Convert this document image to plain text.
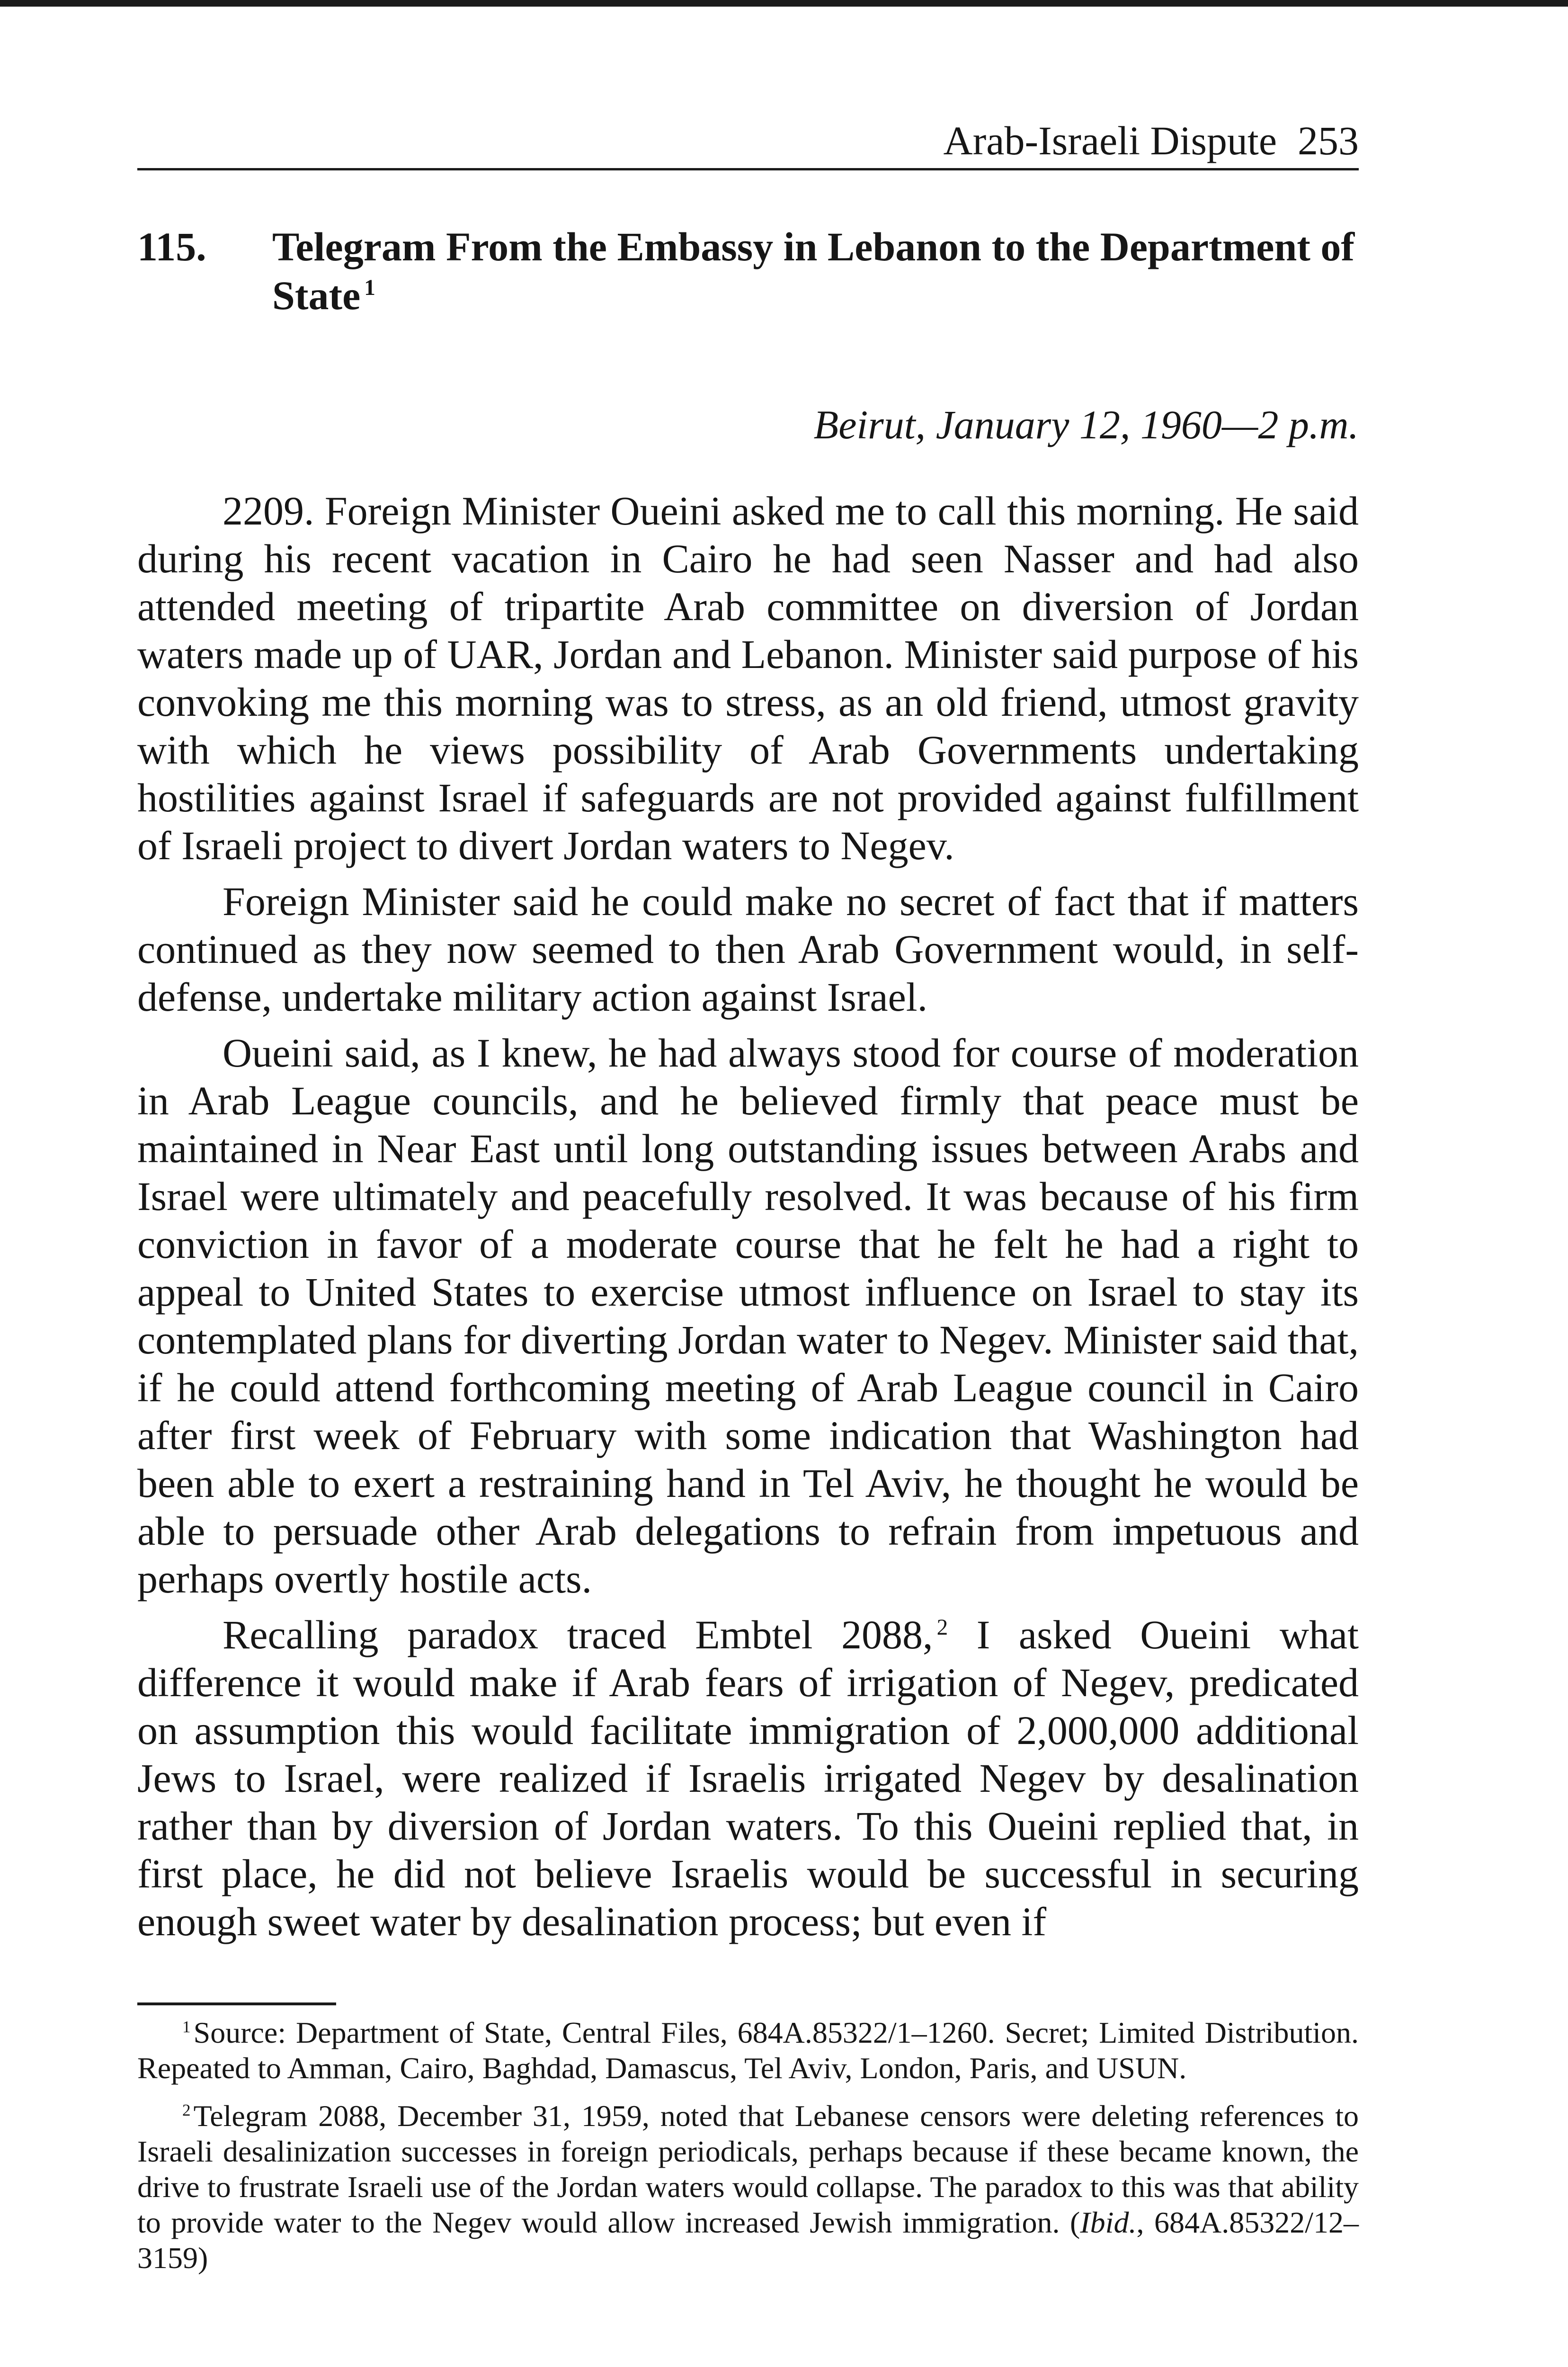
Arab-Israeli Dispute 253
115.	Telegram From the Embassy in Lebanon to the Department of State $^1$
Beirut, January 12, 1960—2 p.m.

2209. Foreign Minister Oueini asked me to call this morning. He said during his recent vacation in Cairo he had seen Nasser and had also attended meeting of tripartite Arab committee on diversion of Jordan waters made up of UAR, Jordan and Lebanon. Minister said purpose of his convoking me this morning was to stress, as an old friend, utmost gravity with which he views possibility of Arab Governments undertaking hostilities against Israel if safeguards are not provided against fulfillment of Israeli project to divert Jordan waters to Negev.

Foreign Minister said he could make no secret of fact that if matters continued as they now seemed to then Arab Government would, in self-defense, undertake military action against Israel.

Oueini said, as I knew, he had always stood for course of moderation in Arab League councils, and he believed firmly that peace must be maintained in Near East until long outstanding issues between Arabs and Israel were ultimately and peacefully resolved. It was because of his firm conviction in favor of a moderate course that he felt he had a right to appeal to United States to exercise utmost influence on Israel to stay its contemplated plans for diverting Jordan water to Negev. Minister said that, if he could attend forthcoming meeting of Arab League council in Cairo after first week of February with some indication that Washington had been able to exert a restraining hand in Tel Aviv, he thought he would be able to persuade other Arab delegations to refrain from impetuous and perhaps overtly hostile acts.

Recalling paradox traced Embtel 2088, $^2$ I asked Oueini what difference it would make if Arab fears of irrigation of Negev, predicated on assumption this would facilitate immigration of 2,000,000 additional Jews to Israel, were realized if Israelis irrigated Negev by desalination rather than by diversion of Jordan waters. To this Oueini replied that, in first place, he did not believe Israelis would be successful in securing enough sweet water by desalination process; but even if

$^1$Source: Department of State, Central Files, 684A.85322/1–1260. Secret; Limited Distribution. Repeated to Amman, Cairo, Baghdad, Damascus, Tel Aviv, London, Paris, and USUN.

$^2$Telegram 2088, December 31, 1959, noted that Lebanese censors were deleting references to Israeli desalinization successes in foreign periodicals, perhaps because if these became known, the drive to frustrate Israeli use of the Jordan waters would collapse. The paradox to this was that ability to provide water to the Negev would allow increased Jewish immigration. (Ibid., 684A.85322/12–3159)
